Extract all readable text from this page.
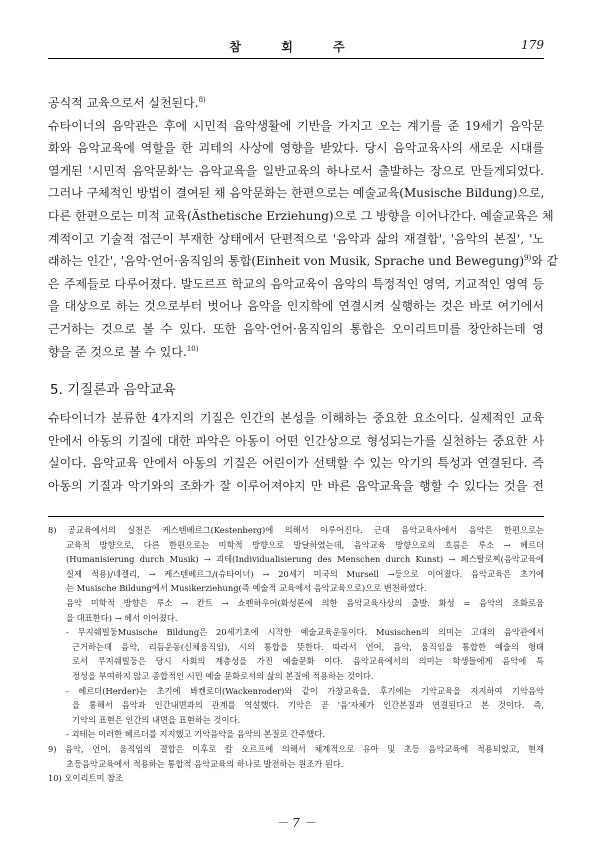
참 회 주	179
공식적 교육으로서 실천된다.$^{8)}$
슈타이너의 음악관은 후에 시민적 음악생활에 기반을 가지고 오는 계기를 준 19세기 음악문
화와 음악교육에 역할을 한 괴테의 사상에 영향을 받았다. 당시 음악교육사의 새로운 시대를
열게된 '시민적 음악문화'는 음악교육을 일반교육의 하나로서 출발하는 장으로 만들게되었다.
그러나 구체적인 방법이 결여된 채 음악문화는 한편으로는 예술교육(Musische Bildung)으로,
다른 한편으로는 미적 교육(Ästhetische Erziehung)으로 그 방향을 이어나간다. 예술교육은 체
계적이고 기술적 접근이 부재한 상태에서 단편적으로 '음악과 삶의 재결합', '음악의 본질', '노
래하는 인간', '음악·언어·움직임의 통합(Einheit von Musik, Sprache und Bewegung)$^{9)}$와 같
은 주제들로 다루어졌다. 발도르프 학교의 음악교육이 음악의 특정적인 영역, 기교적인 영역 등
을 대상으로 하는 것으로부터 벗어나 음악을 인지학에 연결시켜 실행하는 것은 바로 여기에서
근거하는 것으로 볼 수 있다. 또한 음악·언어·움직임의 통합은 오이리트미를 창안하는데 영
향을 준 것으로 볼 수 있다.$^{10)}$
5. 기질론과 음악교육
슈타이너가 분류한 4가지의 기질은 인간의 본성을 이해하는 중요한 요소이다. 실제적인 교육
안에서 아동의 기질에 대한 파악은 아동이 어떤 인간상으로 형성되는가를 실천하는 중요한 사
실이다. 음악교육 안에서 아동의 기질은 어린이가 선택할 수 있는 악기의 특성과 연결된다. 즉
아동의 기질과 악기와의 조화가 잘 이루어져야지 만 바른 음악교육을 행할 수 있다는 것을 전
8) 공교육에서의 실천은 케스텐베르그(Kestenberg)에 의해서 이루어진다. 근대 음악교육사에서 음악은 한편으로는
교육적 방향으로, 다른 한편으로는 미학적 방향으로 발달하였는데, 음악교육 방향으로의 흐름은 루소 → 헤르더
(Humanisierung durch Musik) → 괴테(Individualisierung des Menschen durch Kunst) → 페스탈로찌(음악교육에
실제 적용)/네겔리, → 케스텐베르그/(슈타이너) → 20세기 미국의 Mursell →등으로 이어졌다. 음악교육은 초기에
는 Musische Bildung에서 Musikerziehung(즉 예술적 교육에서 음악교육으로)으로 변천하였다.
음악 미학적 방향은 루소 → 칸트 → 쇼펜하우어(화성론에 의한 음악교육사상의 출발. 화성 = 음악의 조화로움
을 대표한다) → 헤서 이어졌다.
- 무지쉐빌둥Musische Bildung은 20세기초에 시작한 예술교육운동이다. Musischen의 의미는 고대의 음악관에서
근거하는데 음악, 리듬운동(신체움직임), 시의 통합을 뜻한다. 따라서 언어, 음악, 움직임을 통합한 예술의 형태
로서 무지쉐빌둥은 당시 사회의 계층성을 가진 예술문화 이다. 음악교육에서의 의미는 학생들에게 음악에 특
정성을 부여하지 않고 종합적인 시민 예술 문화로서의 삶의 본질에 적용하는 것이다.
- 헤르더(Herder)는 초기에 봐켄로더(Wackenroder)와 같이 가창교육을, 후기에는 기악교육을 지지하여 기악음악
을 통해서 음악과 인간내면과의 관계를 역설했다. 기악은 곧 '음'자체가 인간본질과 연결된다고 본 것이다. 즉,
기악의 표현은 인간의 내면을 표현하는 것이다.
- 괴테는 이러한 헤르더를 지지했고 기악음악을 음악의 본질로 간주했다.
9) 음악, 언어, 움직임의 결합은 이후로 칼 오르프에 의해서 체계적으로 유아 및 초등 음악교육에 적용되었고, 현재
초등음악교육에서 적용하는 통합적 음악교육의 하나로 발전하는 원조가 된다.
10) 오이리트미 참조
－ 7 －
